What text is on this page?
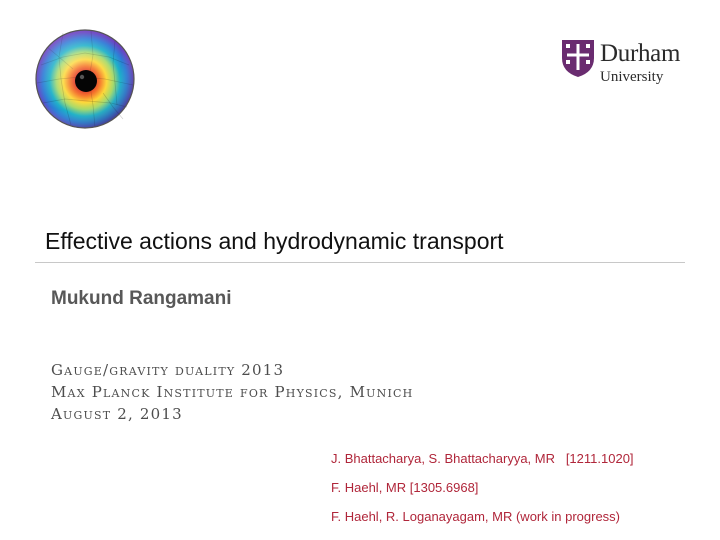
Durham
University
Effective actions and hydrodynamic transport
Mukund Rangamani
Gauge/gravity duality 2013
Max Planck Institute for Physics, Munich
August 2, 2013
J. Bhattacharya, S. Bhattacharyya, MR   [1211.1020]
F. Haehl, MR [1305.6968]
F. Haehl, R. Loganayagam, MR (work in progress)
